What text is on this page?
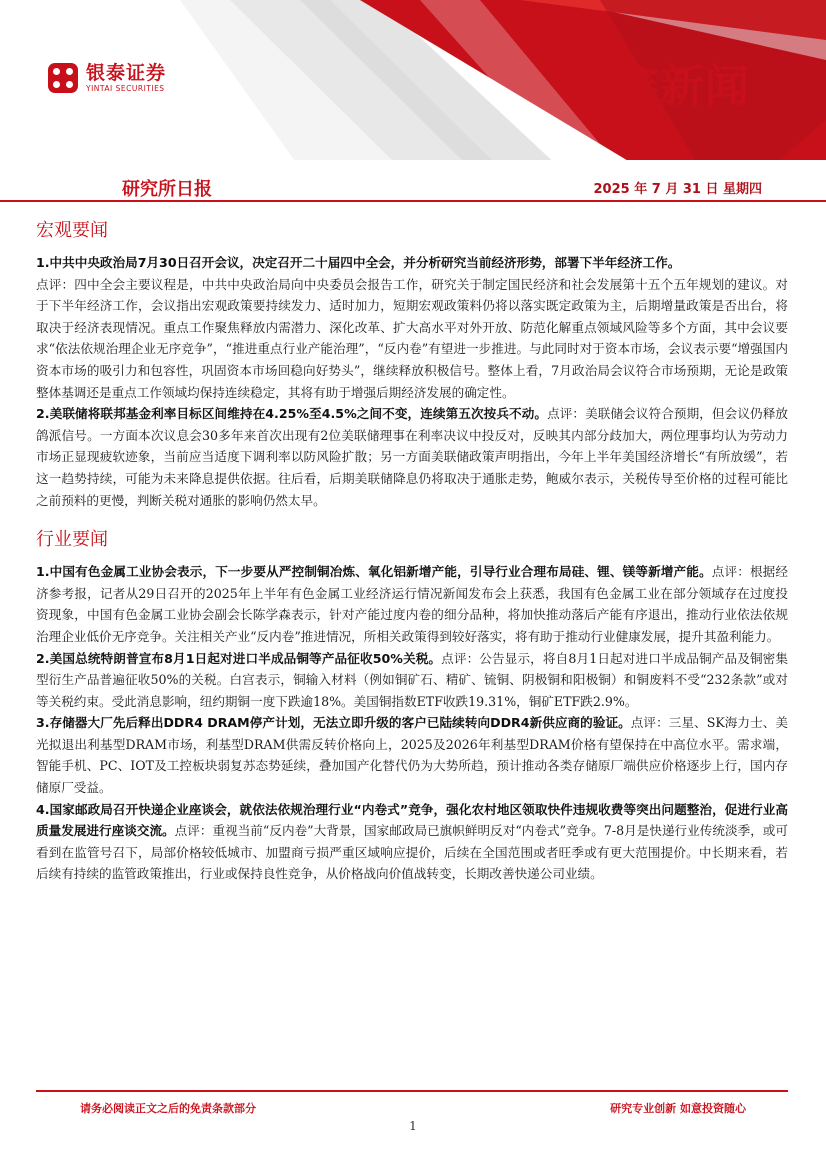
银泰证券
YINTAI SECURITIES	鑫新闻
研究所日报	2025 年 7 月 31 日 星期四
宏观要闻

1.中共中央政治局7月30日召开会议，决定召开二十届四中全会，并分析研究当前经济形势，部署下半年经济工作。
点评：四中全会主要议程是，中共中央政治局向中央委员会报告工作，研究关于制定国民经济和社会发展第十五个五年规划的建议。对于下半年经济工作，会议指出宏观政策要持续发力、适时加力，短期宏观政策料仍将以落实既定政策为主，后期增量政策是否出台，将取决于经济表现情况。重点工作聚焦释放内需潜力、深化改革、扩大高水平对外开放、防范化解重点领域风险等多个方面，其中会议要求“依法依规治理企业无序竞争”，“推进重点行业产能治理”，“反内卷”有望进一步推进。与此同时对于资本市场，会议表示要“增强国内资本市场的吸引力和包容性，巩固资本市场回稳向好势头”，继续释放积极信号。整体上看，7月政治局会议符合市场预期，无论是政策整体基调还是重点工作领域均保持连续稳定，其将有助于增强后期经济发展的确定性。

2.美联储将联邦基金利率目标区间维持在4.25%至4.5%之间不变，连续第五次按兵不动。点评：美联储会议符合预期，但会议仍释放鸽派信号。一方面本次议息会30多年来首次出现有2位美联储理事在利率决议中投反对，反映其内部分歧加大，两位理事均认为劳动力市场正显现疲软迹象，当前应当适度下调利率以防风险扩散；另一方面美联储政策声明指出，今年上半年美国经济增长“有所放缓”，若这一趋势持续，可能为未来降息提供依据。往后看，后期美联储降息仍将取决于通胀走势，鲍威尔表示，关税传导至价格的过程可能比之前预料的更慢，判断关税对通胀的影响仍然太早。

行业要闻

1.中国有色金属工业协会表示，下一步要从严控制铜冶炼、氧化铝新增产能，引导行业合理布局硅、锂、镁等新增产能。点评：根据经济参考报，记者从29日召开的2025年上半年有色金属工业经济运行情况新闻发布会上获悉，我国有色金属工业在部分领域存在过度投资现象，中国有色金属工业协会副会长陈学森表示，针对产能过度内卷的细分品种，将加快推动落后产能有序退出，推动行业依法依规治理企业低价无序竞争。关注相关产业“反内卷”推进情况，所相关政策得到较好落实，将有助于推动行业健康发展，提升其盈利能力。

2.美国总统特朗普宣布8月1日起对进口半成品铜等产品征收50%关税。点评：公告显示，将自8月1日起对进口半成品铜产品及铜密集型衍生产品普遍征收50%的关税。白宫表示，铜输入材料（例如铜矿石、精矿、锍铜、阴极铜和阳极铜）和铜废料不受“232条款”或对等关税约束。受此消息影响，纽约期铜一度下跌逾18%。美国铜指数ETF收跌19.31%，铜矿ETF跌2.9%。

3.存储器大厂先后释出DDR4 DRAM停产计划，无法立即升级的客户已陆续转向DDR4新供应商的验证。点评：三星、SK海力士、美光拟退出利基型DRAM市场，利基型DRAM供需反转价格向上，2025及2026年利基型DRAM价格有望保持在中高位水平。需求端，智能手机、PC、IOT及工控板块弱复苏态势延续，叠加国产化替代仍为大势所趋，预计推动各类存储原厂端供应价格逐步上行，国内存储原厂受益。

4.国家邮政局召开快递企业座谈会，就依法依规治理行业“内卷式”竞争，强化农村地区领取快件违规收费等突出问题整治，促进行业高质量发展进行座谈交流。点评：重视当前“反内卷”大背景，国家邮政局已旗帜鲜明反对“内卷式”竞争。7-8月是快递行业传统淡季，或可看到在监管号召下，局部价格较低城市、加盟商亏损严重区域响应提价，后续在全国范围或者旺季或有更大范围提价。中长期来看，若后续有持续的监管政策推出，行业或保持良性竞争，从价格战向价值战转变，长期改善快递公司业绩。

请务必阅读正文之后的免责条款部分	研究专业创新 如意投资随心
1
